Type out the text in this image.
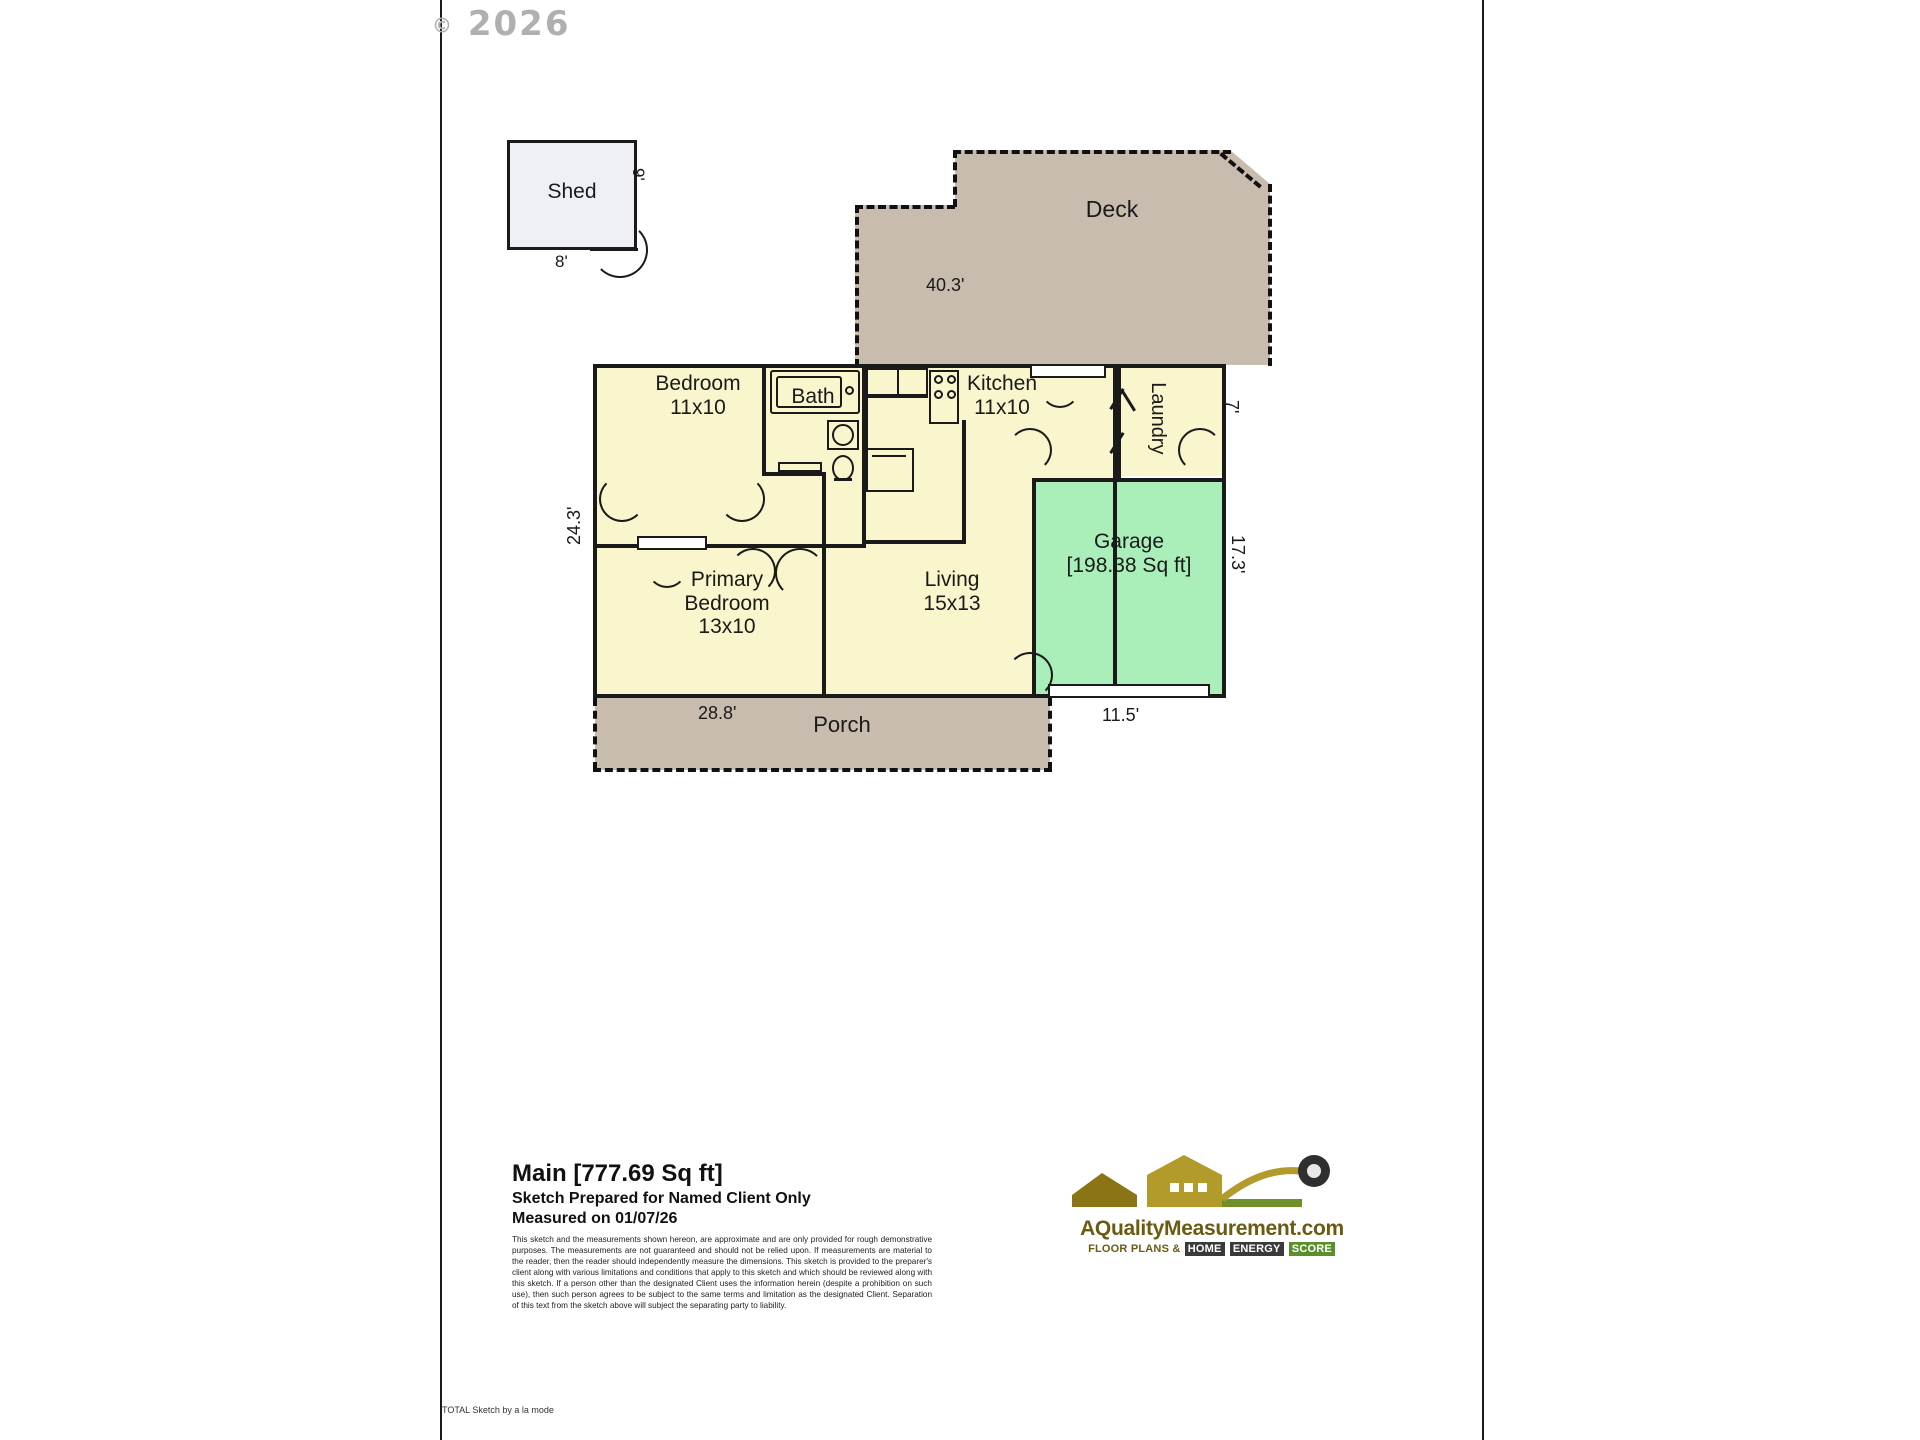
© 2026
Shed
8'
9'
Deck
40.3'
Bedroom
11x10	Bath
Kitchen
11x10
Primary
Bedroom
13x10
Living
15x13
Garage
[198.38 Sq ft]
Porch
24.3'
7'
17.3'
28.8'	11.5'
Main [777.69 Sq ft]
Sketch Prepared for Named Client Only
Measured on 01/07/26
This sketch and the measurements shown hereon, are approximate and are only provided for rough demonstrative purposes. The measurements are not guaranteed and should not be relied upon. If measurements are material to the reader, then the reader should independently measure the dimensions. This sketch is provided to the preparer's client along with various limitations and conditions that apply to this sketch and which should be reviewed along with this sketch. If a person other than the designated Client uses the information herein (despite a prohibition on such use), then such person agrees to be subject to the same terms and limitation as the designated Client. Separation of this text from the sketch above will subject the separating party to liability.
AQualityMeasurement.com
FLOOR PLANS & HOME ENERGY SCORE
TOTAL Sketch by a la mode
